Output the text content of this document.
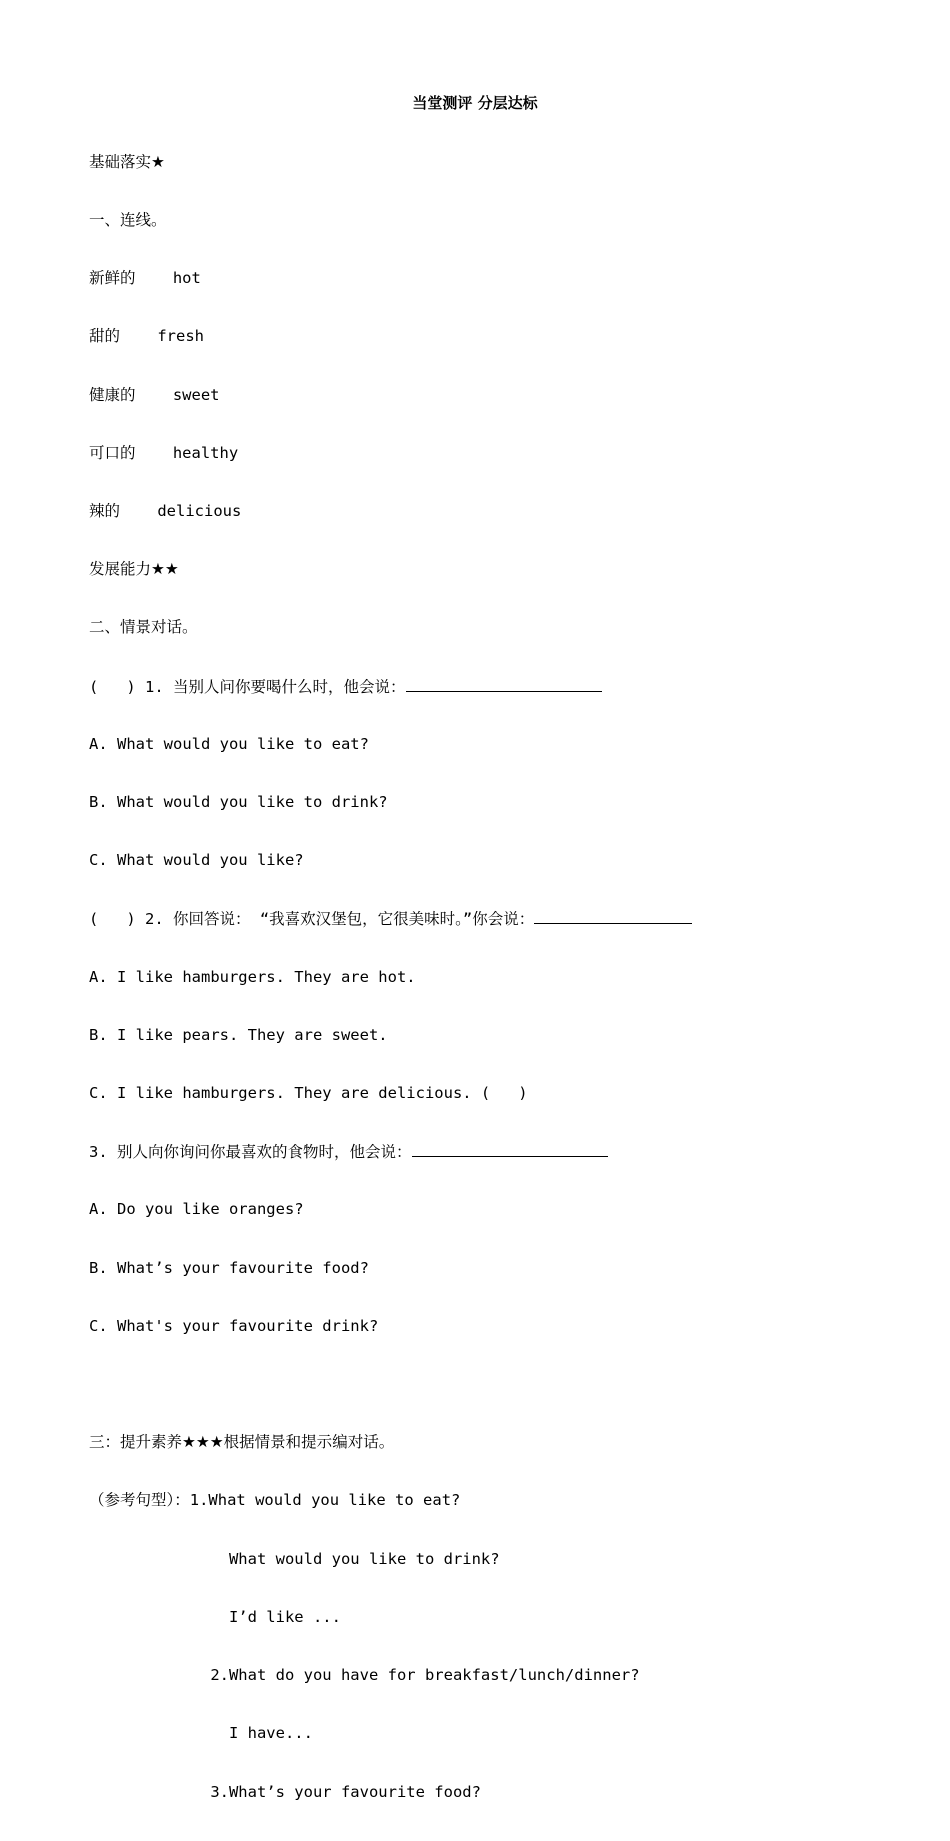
当堂测评 分层达标

基础落实★

一、连线。

新鲜的    hot

甜的    fresh

健康的    sweet

可口的    healthy

辣的    delicious

发展能力★★

二、情景对话。

(   ) 1. 当别人问你要喝什么时，他会说：

A. What would you like to eat?

B. What would you like to drink?

C. What would you like?

(   ) 2. 你回答说： “我喜欢汉堡包，它很美味时。”你会说：

A. I like hamburgers. They are hot.

B. I like pears. They are sweet.

C. I like hamburgers. They are delicious. (   )

3. 别人向你询问你最喜欢的食物时，他会说：

A. Do you like oranges?

B. What’s your favourite food?

C. What's your favourite drink?

三：提升素养★★★根据情景和提示编对话。

（参考句型）：1.What would you like to eat?

What would you like to drink?

I’d like ...

2.What do you have for breakfast/lunch/dinner?

I have...

3.What’s your favourite food?
